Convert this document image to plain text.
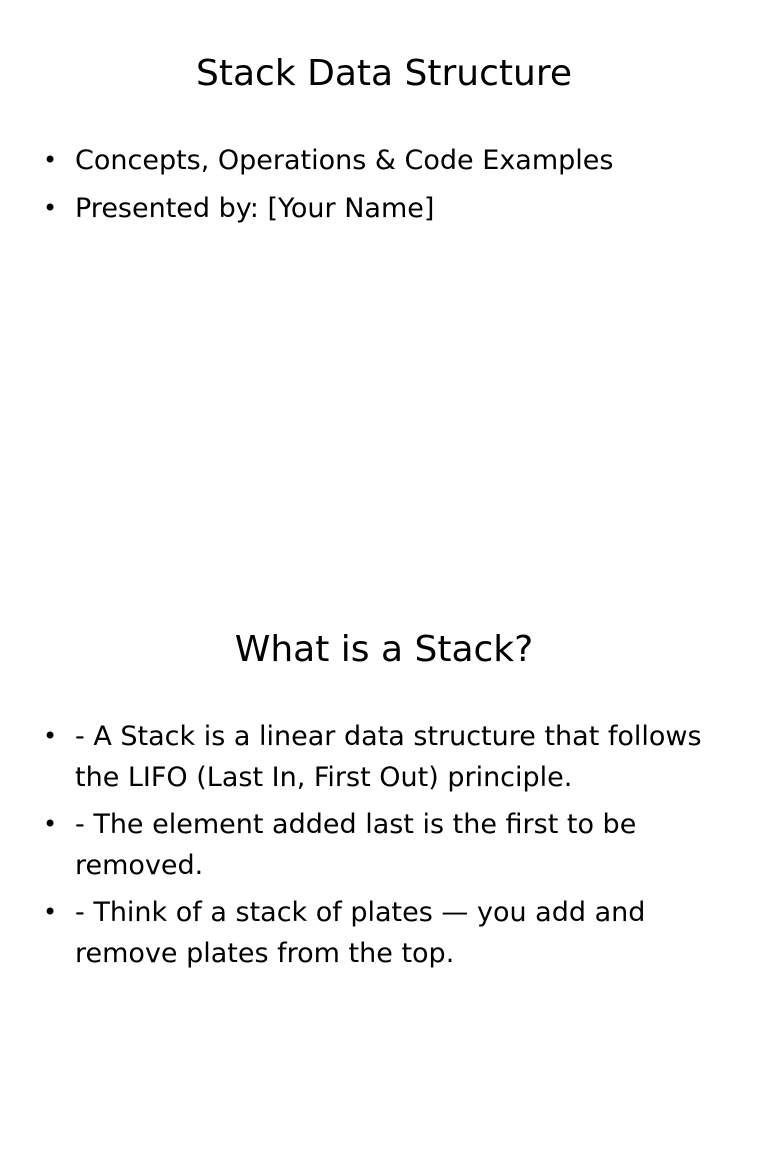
Stack Data Structure
• Concepts, Operations & Code Examples
• Presented by: [Your Name]
What is a Stack?
• - A Stack is a linear data structure that follows the LIFO (Last In, First Out) principle.
• - The element added last is the first to be removed.
• - Think of a stack of plates — you add and remove plates from the top.
